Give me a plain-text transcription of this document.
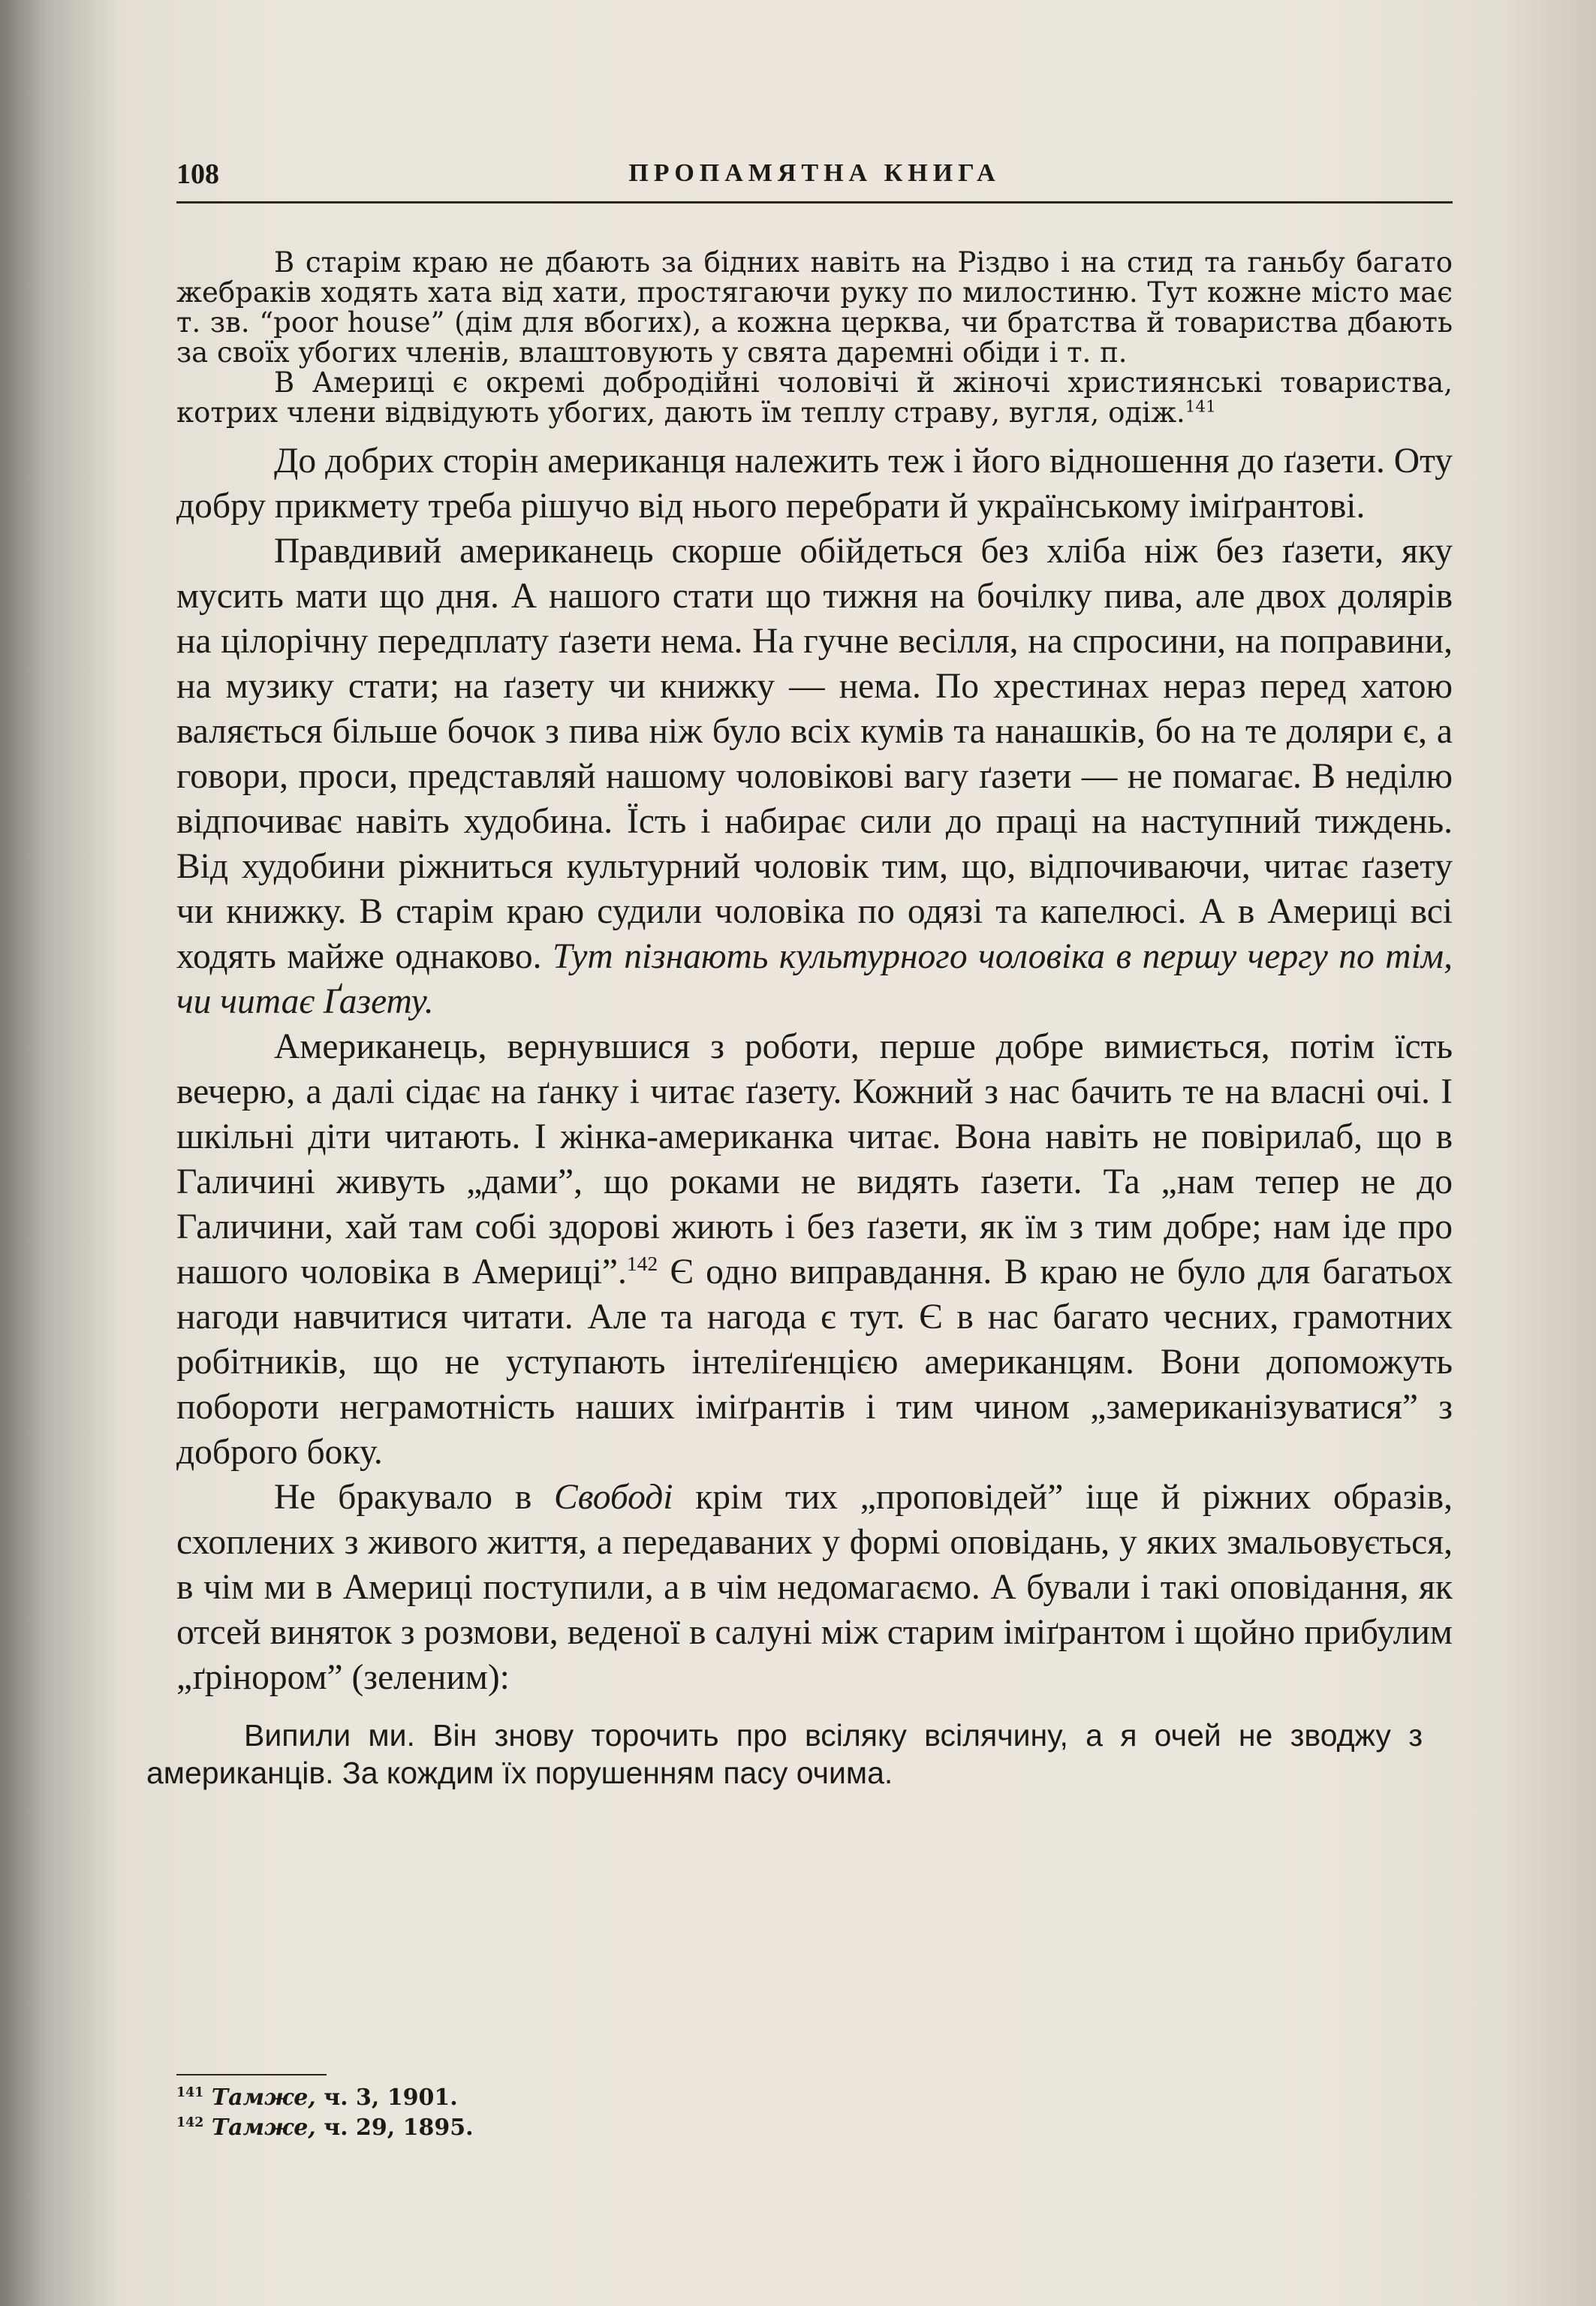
108	ПРОПАМЯТНА КНИГА

В старім краю не дбають за бідних навіть на Різдво і на стид та ганьбу багато жебраків ходять хата від хати, простягаючи руку по милостиню. Тут кожне місто має т. зв. “poor house” (дім для вбогих), а кожна церква, чи братства й товариства дбають за своїх убогих членів, влаштовують у свята даремні обіди і т. п.

В Америці є окремі добродійні чоловічі й жіночі християнські товариства, котрих члени відвідують убогих, дають їм теплу страву, вугля, одіж.$^{141}$

До добрих сторін американця належить теж і його відношення до ґазети. Оту добру прикмету треба рішучо від нього перебрати й українському іміґрантові.

Правдивий американець скорше обійдеться без хліба ніж без ґазети, яку мусить мати що дня. А нашого стати що тижня на бочілку пива, але двох долярів на цілорічну передплату ґазети нема. На гучне весілля, на спросини, на поправини, на музику стати; на ґазету чи книжку — нема. По хрестинах нераз перед хатою валяється більше бочок з пива ніж було всіх кумів та нанашків, бо на те доляри є, а говори, проси, представляй нашому чоловікові вагу ґазети — не помагає. В неділю відпочиває навіть худобина. Їсть і набирає сили до праці на наступний тиждень. Від худобини ріжниться культурний чоловік тим, що, відпочиваючи, читає ґазету чи книжку. В старім краю судили чоловіка по одязі та капелюсі. А в Америці всі ходять майже однаково. Тут пізнають культурного чоловіка в першу чергу по тім, чи читає Ґазету.

Американець, вернувшися з роботи, перше добре вимиється, потім їсть вечерю, а далі сідає на ґанку і читає ґазету. Кожний з нас бачить те на власні очі. І шкільні діти читають. І жінка-американка читає. Вона навіть не повірилаб, що в Галичині живуть „дами”, що роками не видять ґазети. Та „нам тепер не до Галичини, хай там собі здорові жиють і без ґазети, як їм з тим добре; нам іде про нашого чоловіка в Америці”.$^{142}$ Є одно виправдання. В краю не було для багатьох нагоди навчитися читати. Але та нагода є тут. Є в нас багато чесних, грамотних робітників, що не уступають інтеліґенцією американцям. Вони допоможуть побороти неграмотність наших іміґрантів і тим чином „замериканізуватися” з доброго боку.

Не бракувало в Свободі крім тих „проповідей” іще й ріжних образів, схоплених з живого життя, а передаваних у формі оповідань, у яких змальовується, в чім ми в Америці поступили, а в чім недомагаємо. А бували і такі оповідання, як отсей виняток з розмови, веденої в салуні між старим іміґрантом і щойно прибулим „ґрінором” (зеленим):

Випили ми. Він знову торочить про всіляку всілячину, а я очей не зводжу з американців. За кождим їх порушенням пасу очима.

$^{141}$ Тамже, ч. 3, 1901.
$^{142}$ Тамже, ч. 29, 1895.
